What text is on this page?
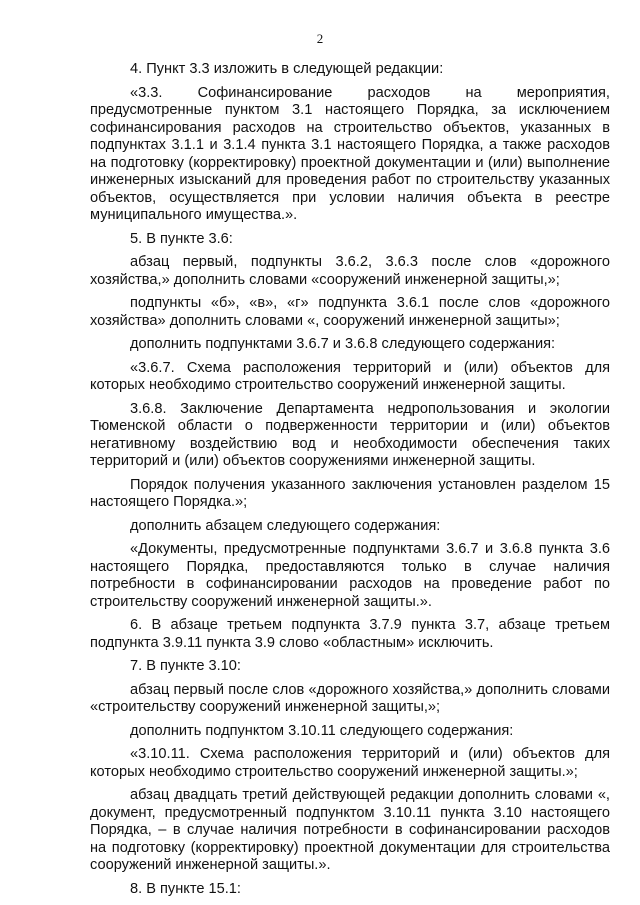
2

4. Пункт 3.3 изложить в следующей редакции:

«3.3. Софинансирование расходов на мероприятия, предусмотренные пунктом 3.1 настоящего Порядка, за исключением софинансирования расходов на строительство объектов, указанных в подпунктах 3.1.1 и 3.1.4 пункта 3.1 настоящего Порядка, а также расходов на подготовку (корректировку) проектной документации и (или) выполнение инженерных изысканий для проведения работ по строительству указанных объектов, осуществляется при условии наличия объекта в реестре муниципального имущества.».

5. В пункте 3.6:

абзац первый, подпункты 3.6.2, 3.6.3 после слов «дорожного хозяйства,» дополнить словами «сооружений инженерной защиты,»;

подпункты «б», «в», «г» подпункта 3.6.1 после слов «дорожного хозяйства» дополнить словами «, сооружений инженерной защиты»;

дополнить подпунктами 3.6.7 и 3.6.8 следующего содержания:

«3.6.7. Схема расположения территорий и (или) объектов для которых необходимо строительство сооружений инженерной защиты.

3.6.8. Заключение Департамента недропользования и экологии Тюменской области о подверженности территории и (или) объектов негативному воздействию вод и необходимости обеспечения таких территорий и (или) объектов сооружениями инженерной защиты.

Порядок получения указанного заключения установлен разделом 15 настоящего Порядка.»;

дополнить абзацем следующего содержания:

«Документы, предусмотренные подпунктами 3.6.7 и 3.6.8 пункта 3.6 настоящего Порядка, предоставляются только в случае наличия потребности в софинансировании расходов на проведение работ по строительству сооружений инженерной защиты.».

6. В абзаце третьем подпункта 3.7.9 пункта 3.7, абзаце третьем подпункта 3.9.11 пункта 3.9 слово «областным» исключить.

7. В пункте 3.10:

абзац первый после слов «дорожного хозяйства,» дополнить словами «строительству сооружений инженерной защиты,»;

дополнить подпунктом 3.10.11 следующего содержания:

«3.10.11. Схема расположения территорий и (или) объектов для которых необходимо строительство сооружений инженерной защиты.»;

абзац двадцать третий действующей редакции дополнить словами «, документ, предусмотренный подпунктом 3.10.11 пункта 3.10 настоящего Порядка, – в случае наличия потребности в софинансировании расходов на подготовку (корректировку) проектной документации для строительства сооружений инженерной защиты.».

8. В пункте 15.1:
